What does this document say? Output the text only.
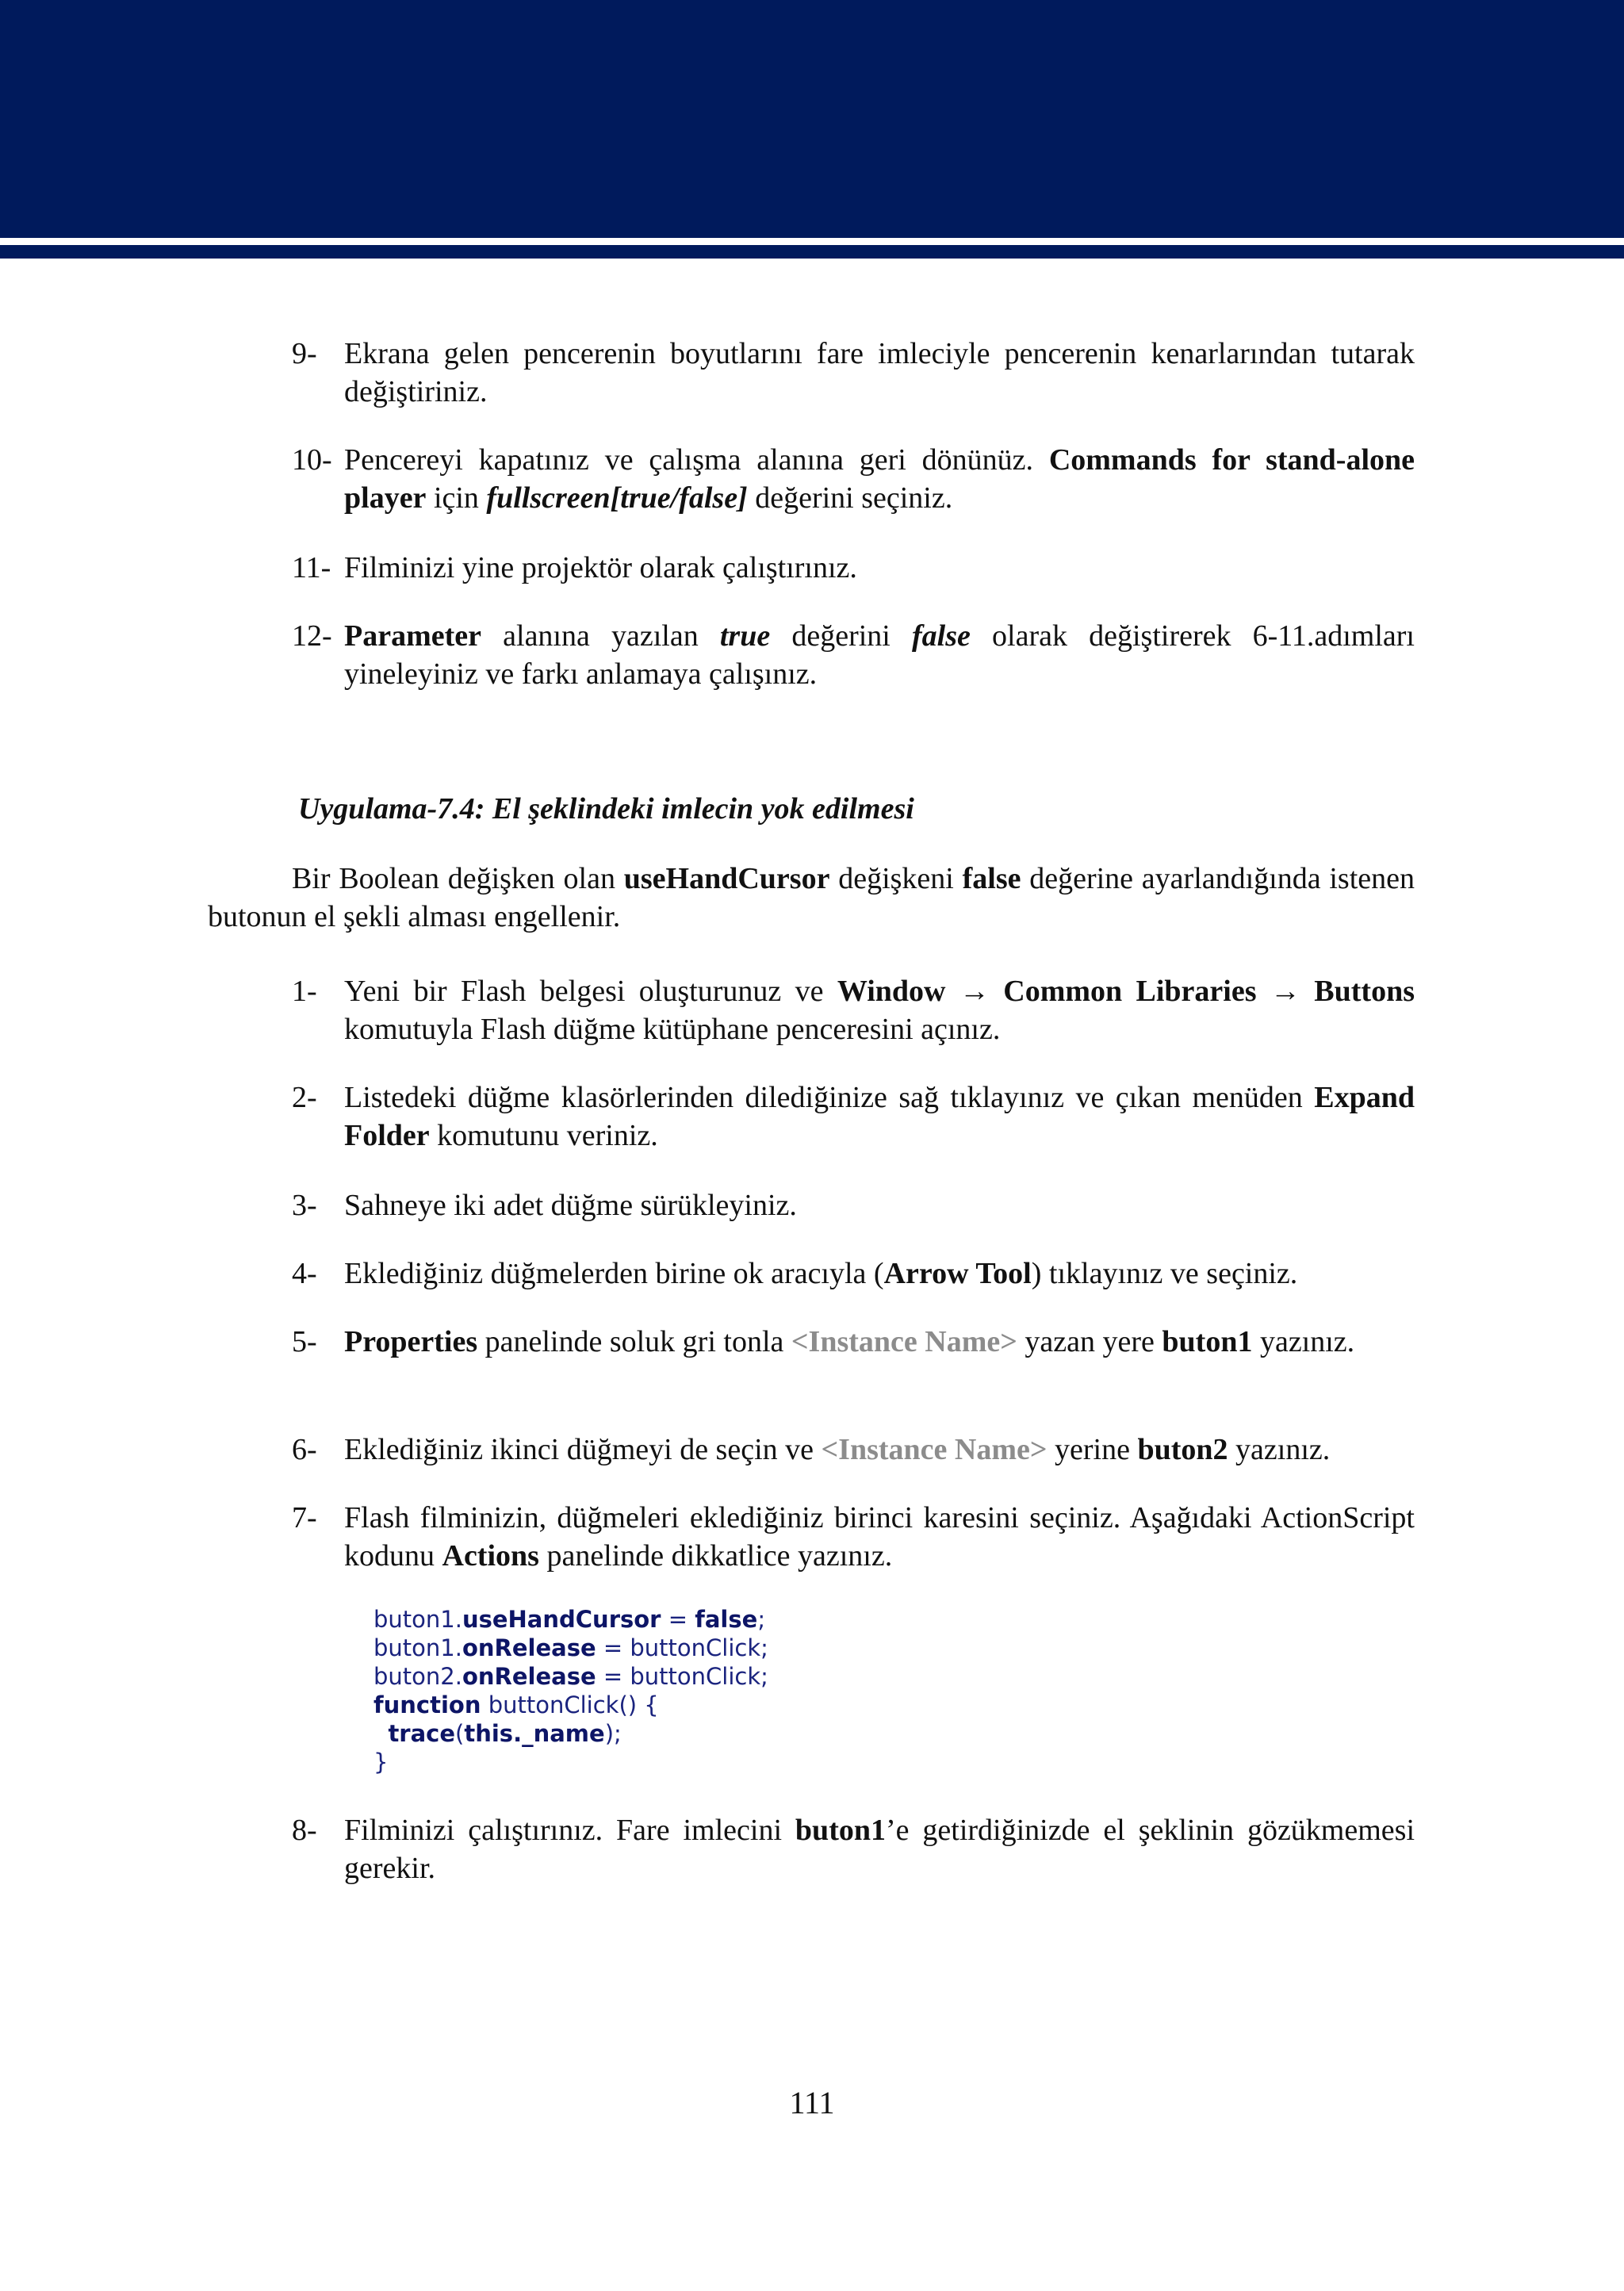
9- Ekrana gelen pencerenin boyutlarını fare imleciyle pencerenin kenarlarından tutarak değiştiriniz.
10- Pencereyi kapatınız ve çalışma alanına geri dönünüz. Commands for stand-alone player için fullscreen[true/false] değerini seçiniz.
11- Filminizi yine projektör olarak çalıştırınız.
12- Parameter alanına yazılan true değerini false olarak değiştirerek 6-11.adımları yineleyiniz ve farkı anlamaya çalışınız.
Uygulama-7.4: El şeklindeki imlecin yok edilmesi
Bir Boolean değişken olan useHandCursor değişkeni false değerine ayarlandığında istenen butonun el şekli alması engellenir.
1- Yeni bir Flash belgesi oluşturunuz ve Window → Common Libraries → Buttons komutuyla Flash düğme kütüphane penceresini açınız.
2- Listedeki düğme klasörlerinden dilediğinize sağ tıklayınız ve çıkan menüden Expand Folder komutunu veriniz.
3- Sahneye iki adet düğme sürükleyiniz.
4- Eklediğiniz düğmelerden birine ok aracıyla (Arrow Tool) tıklayınız ve seçiniz.
5- Properties panelinde soluk gri tonla <Instance Name> yazan yere buton1 yazınız.
6- Eklediğiniz ikinci düğmeyi de seçin ve <Instance Name> yerine buton2 yazınız.
7- Flash filminizin, düğmeleri eklediğiniz birinci karesini seçiniz. Aşağıdaki ActionScript kodunu Actions panelinde dikkatlice yazınız.
buton1.useHandCursor = false;
buton1.onRelease = buttonClick;
buton2.onRelease = buttonClick;
function buttonClick() {
trace(this._name);
}
8- Filminizi çalıştırınız. Fare imlecini buton1’e getirdiğinizde el şeklinin gözükmemesi gerekir.
111
